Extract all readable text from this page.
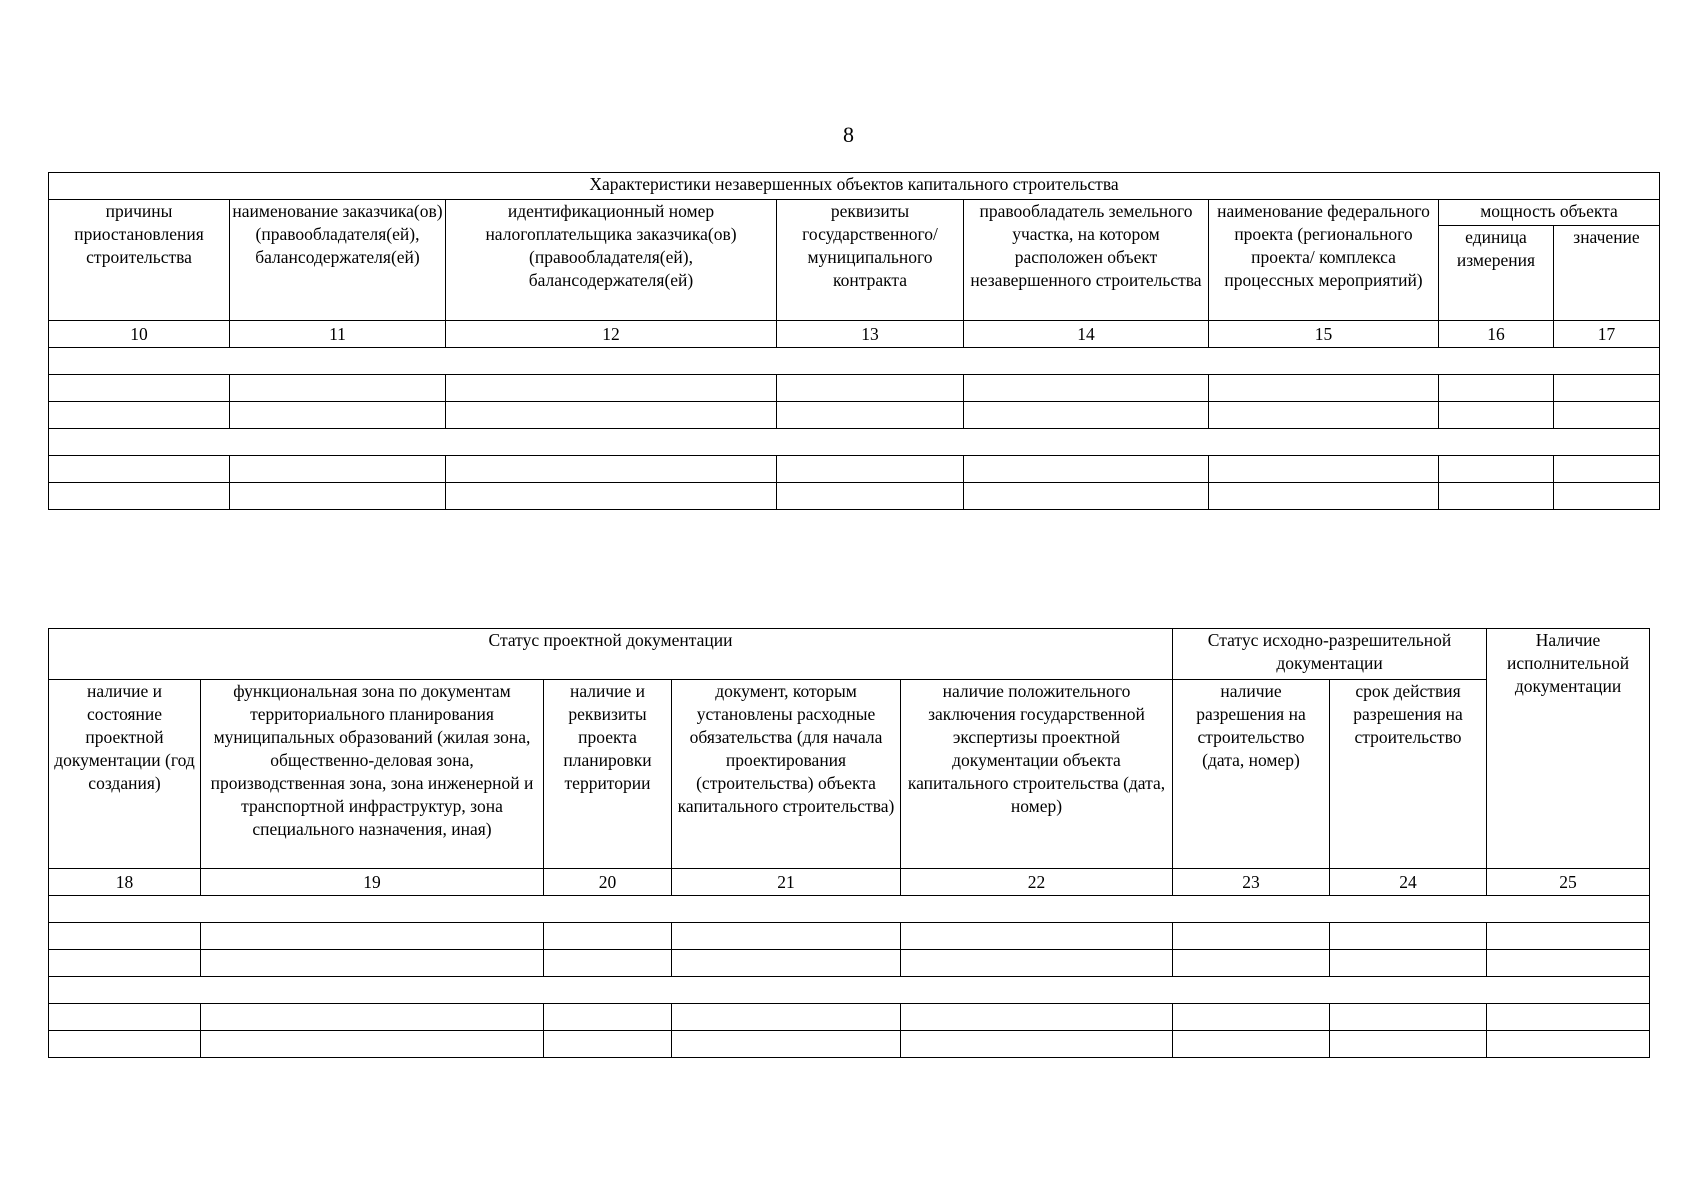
8
Характеристики незавершенных объектов капитального строительства							
причины приостановления строительства	наименование заказчика(ов) (правообладателя(ей), балансодержателя(ей)	идентификационный номер налогоплательщика заказчика(ов) (правообладателя(ей), балансодержателя(ей)	реквизиты государственного/ муниципального контракта	правообладатель земельного участка, на котором расположен объект незавершенного строительства	наименование федерального проекта (регионального проекта/ комплекса процессных мероприятий)	мощность объекта	
						единица измерения	значение
10	11	12	13	14	15	16	17

Статус проектной документации					Статус исходно-разрешительной документации		Наличие исполнительной документации
наличие и состояние проектной документации (год создания)	функциональная зона по документам территориального планирования муниципальных образований (жилая зона, общественно-деловая зона, производственная зона, зона инженерной и транспортной инфраструктур, зона специального назначения, иная)	наличие и реквизиты проекта планировки территории	документ, которым установлены расходные обязательства (для начала проектирования (строительства) объекта капитального строительства)	наличие положительного заключения государственной экспертизы проектной документации объекта капитального строительства (дата, номер)	наличие разрешения на строительство (дата, номер)	срок действия разрешения на строительство	
18	19	20	21	22	23	24	25
